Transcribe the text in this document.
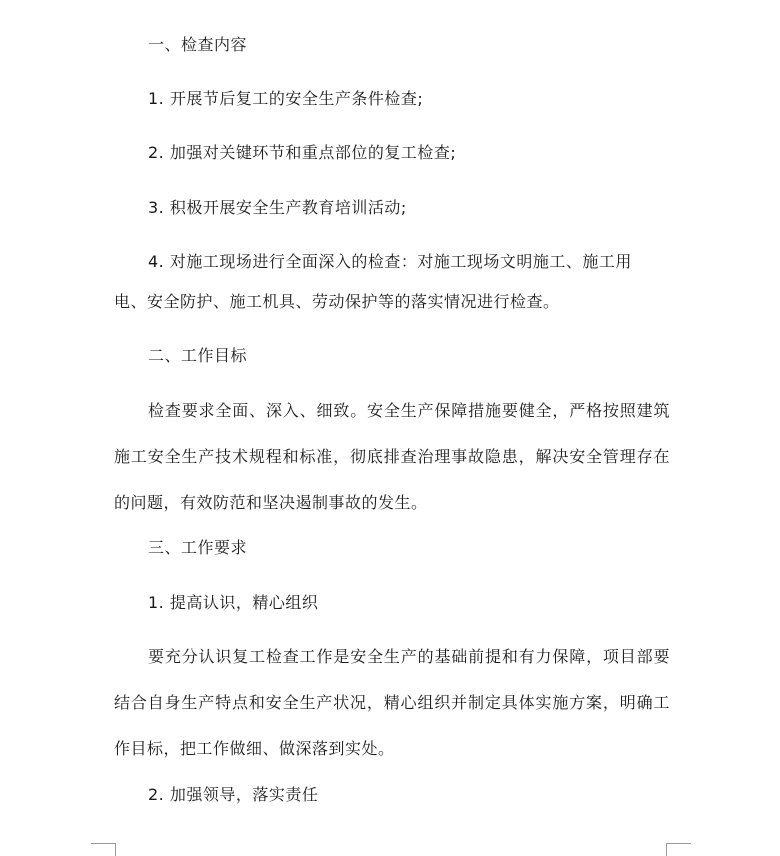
一、检查内容
1. 开展节后复工的安全生产条件检查;
2. 加强对关键环节和重点部位的复工检查;
3. 积极开展安全生产教育培训活动;
4. 对施工现场进行全面深入的检查：对施工现场文明施工、施工用
电、安全防护、施工机具、劳动保护等的落实情况进行检查。
二、工作目标
检查要求全面、深入、细致。安全生产保障措施要健全，严格按照建筑施工安全生产技术规程和标准，彻底排查治理事故隐患，解决安全管理存在的问题，有效防范和坚决遏制事故的发生。
三、工作要求
1. 提高认识，精心组织
要充分认识复工检查工作是安全生产的基础前提和有力保障，项目部要结合自身生产特点和安全生产状况，精心组织并制定具体实施方案，明确工作目标，把工作做细、做深落到实处。
2. 加强领导，落实责任
